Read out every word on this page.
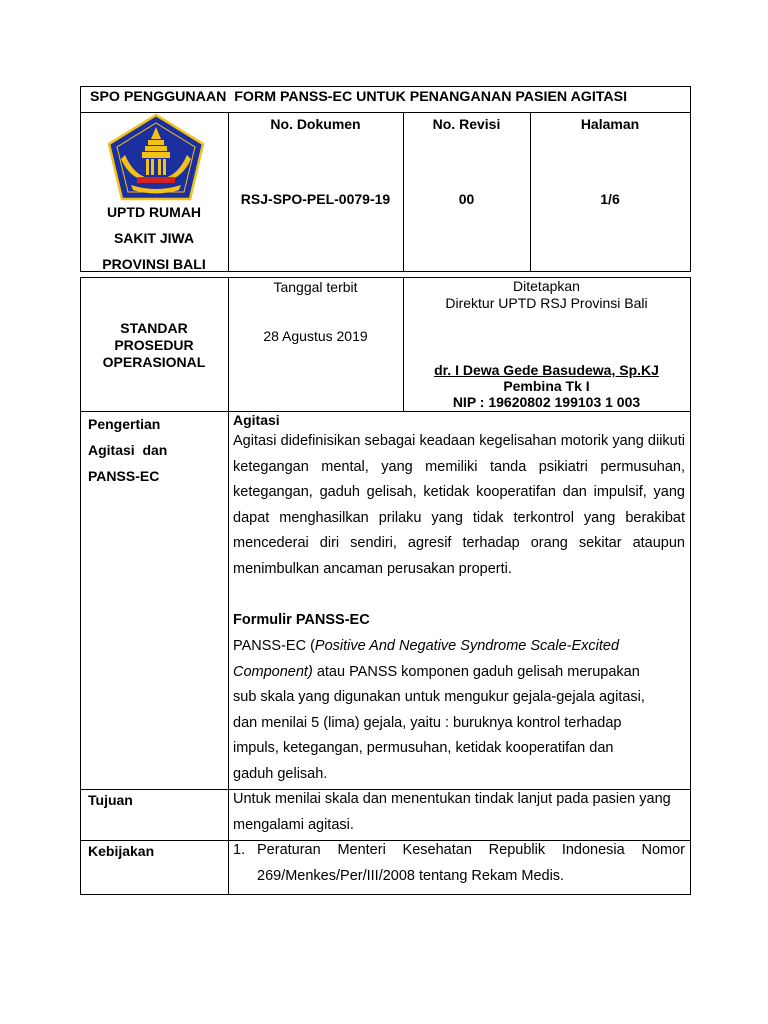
SPO PENGGUNAAN  FORM PANSS-EC UNTUK PENANGANAN PASIEN AGITASI
UPTD RUMAH
SAKIT JIWA
PROVINSI BALI
No. Dokumen
RSJ-SPO-PEL-0079-19
No. Revisi
00
Halaman
1/6
STANDAR
PROSEDUR
OPERASIONAL
Tanggal terbit
28 Agustus 2019
Ditetapkan
Direktur UPTD RSJ Provinsi Bali
dr. I Dewa Gede Basudewa, Sp.KJ
Pembina Tk I
NIP : 19620802 199103 1 003
Pengertian
Agitasi  dan
PANSS-EC
Agitasi
Agitasi didefinisikan sebagai keadaan kegelisahan motorik yang diikuti ketegangan mental, yang memiliki tanda psikiatri permusuhan, ketegangan, gaduh gelisah, ketidak kooperatifan dan impulsif, yang dapat menghasilkan prilaku yang tidak terkontrol yang berakibat mencederai diri sendiri, agresif terhadap orang sekitar ataupun menimbulkan ancaman perusakan properti.
Formulir PANSS-EC
PANSS-EC (Positive And Negative Syndrome Scale-Excited Component) atau PANSS komponen gaduh gelisah merupakan sub skala yang digunakan untuk mengukur gejala-gejala agitasi, dan menilai 5 (lima) gejala, yaitu : buruknya kontrol terhadap impuls, ketegangan, permusuhan, ketidak kooperatifan dan gaduh gelisah.
Tujuan	Untuk menilai skala dan menentukan tindak lanjut pada pasien yang mengalami agitasi.
Kebijakan	1. Peraturan Menteri Kesehatan Republik Indonesia Nomor
269/Menkes/Per/III/2008 tentang Rekam Medis.
